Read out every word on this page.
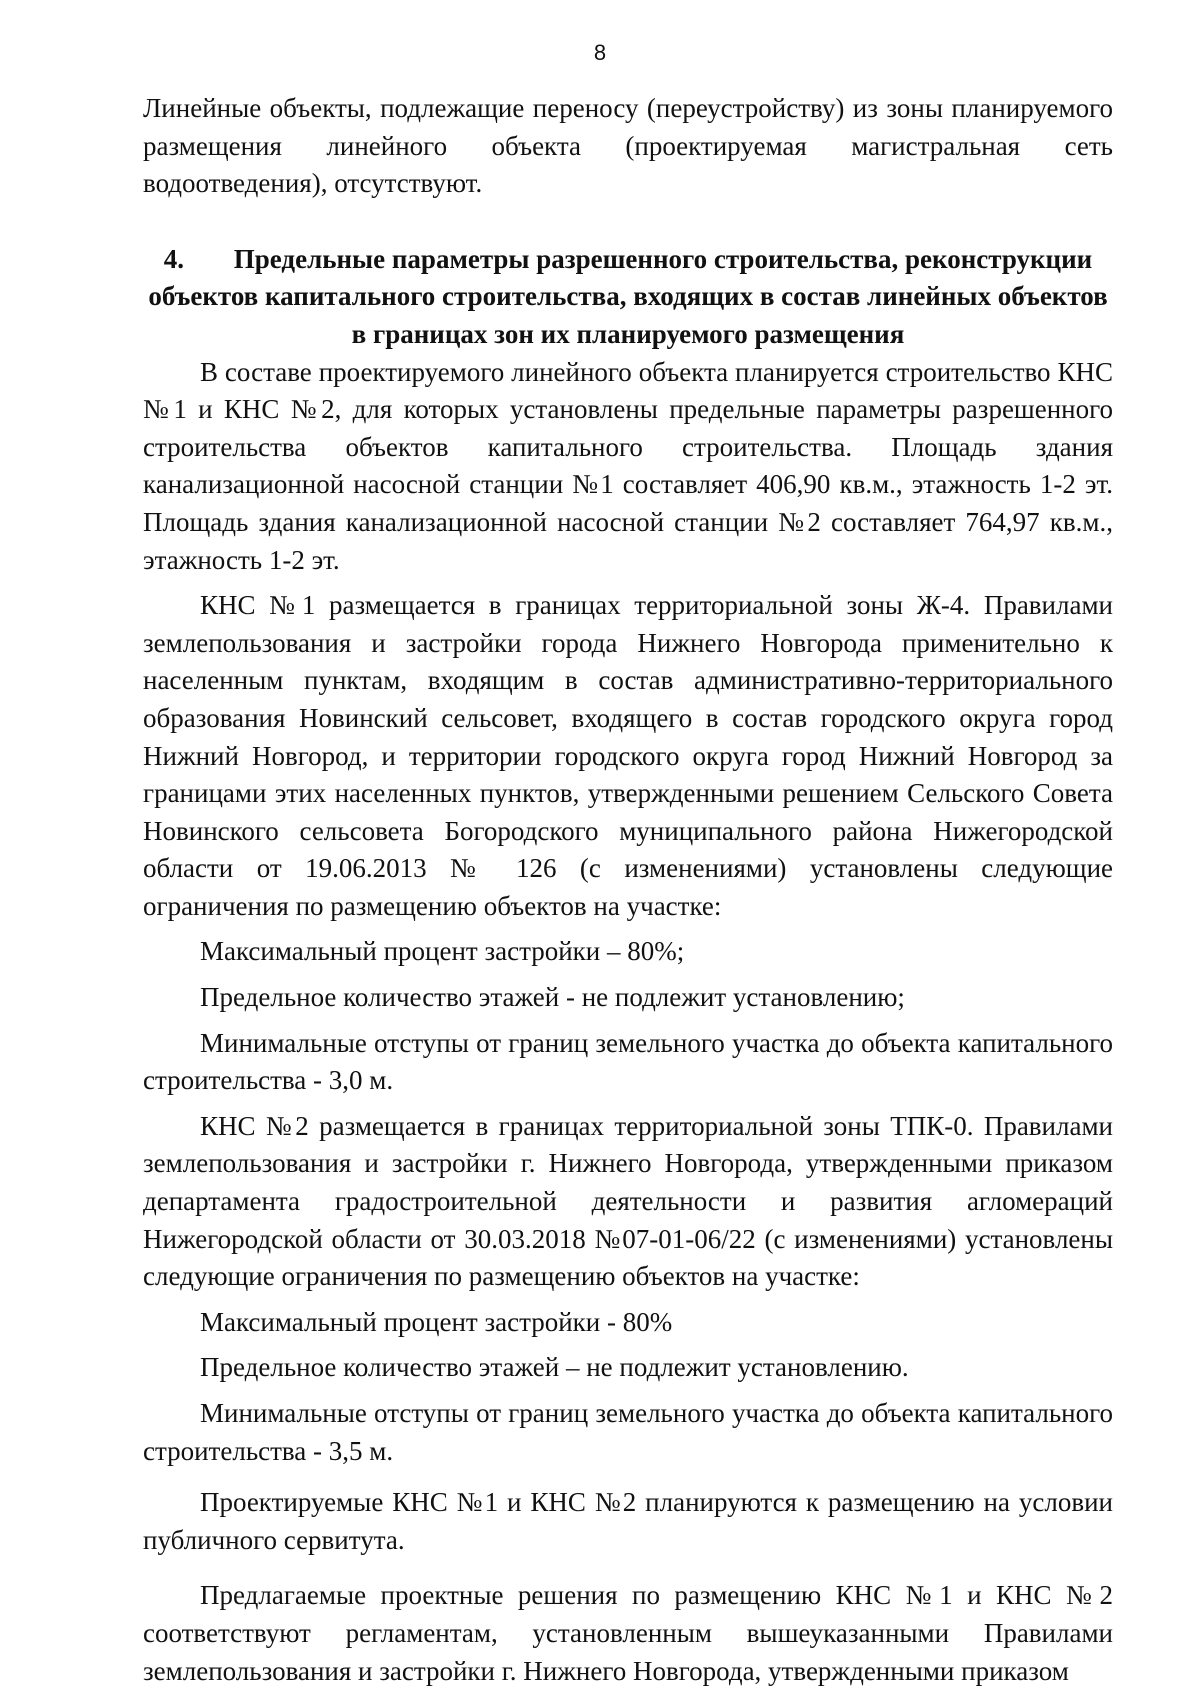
8

Линейные объекты, подлежащие переносу (переустройству) из зоны планируемого размещения линейного объекта (проектируемая магистральная сеть водоотведения), отсутствуют.

4. Предельные параметры разрешенного строительства, реконструкции объектов капитального строительства, входящих в состав линейных объектов в границах зон их планируемого размещения

В составе проектируемого линейного объекта планируется строительство КНС №1 и КНС №2, для которых установлены предельные параметры разрешенного строительства объектов капитального строительства. Площадь здания канализационной насосной станции №1 составляет 406,90 кв.м., этажность 1-2 эт. Площадь здания канализационной насосной станции №2 составляет 764,97 кв.м., этажность 1-2 эт.

КНС №1 размещается в границах территориальной зоны Ж-4. Правилами землепользования и застройки города Нижнего Новгорода применительно к населенным пунктам, входящим в состав административно-территориального образования Новинский сельсовет, входящего в состав городского округа город Нижний Новгород, и территории городского округа город Нижний Новгород за границами этих населенных пунктов, утвержденными решением Сельского Совета Новинского сельсовета Богородского муниципального района Нижегородской области от 19.06.2013 № 126 (с изменениями) установлены следующие ограничения по размещению объектов на участке:

Максимальный процент застройки – 80%;

Предельное количество этажей - не подлежит установлению;

Минимальные отступы от границ земельного участка до объекта капитального строительства - 3,0 м.

КНС №2 размещается в границах территориальной зоны ТПК-0. Правилами землепользования и застройки г. Нижнего Новгорода, утвержденными приказом департамента градостроительной деятельности и развития агломераций Нижегородской области от 30.03.2018 №07-01-06/22 (с изменениями) установлены следующие ограничения по размещению объектов на участке:

Максимальный процент застройки - 80%

Предельное количество этажей – не подлежит установлению.

Минимальные отступы от границ земельного участка до объекта капитального строительства - 3,5 м.

Проектируемые КНС №1 и КНС №2 планируются к размещению на условии публичного сервитута.

Предлагаемые проектные решения по размещению КНС №1 и КНС №2 соответствуют регламентам, установленным вышеуказанными Правилами землепользования и застройки г. Нижнего Новгорода, утвержденными приказом
